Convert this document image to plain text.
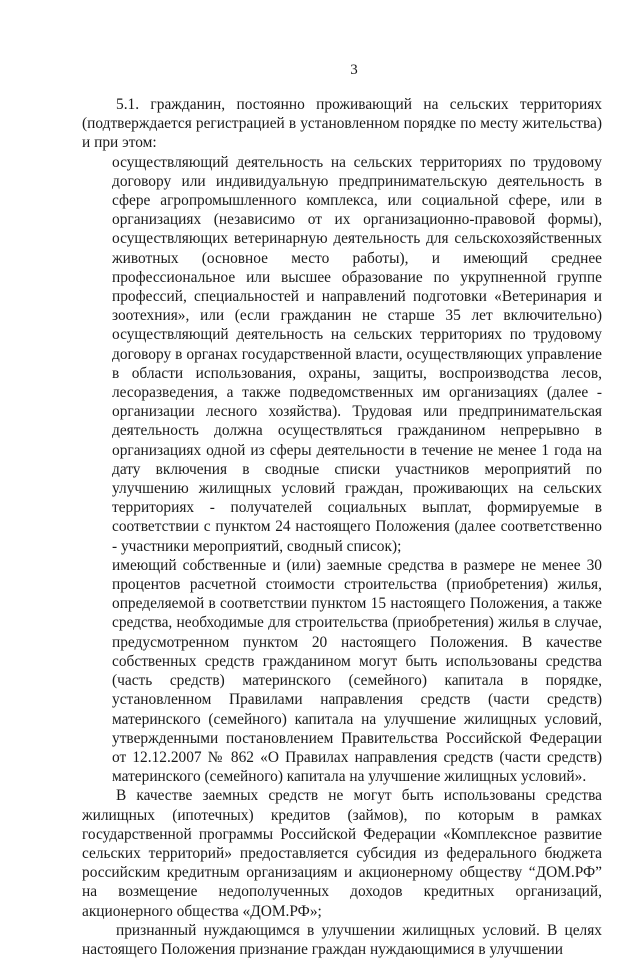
3

5.1. гражданин, постоянно проживающий на сельских территориях (подтверждается регистрацией в установленном порядке по месту жительства) и при этом:

осуществляющий деятельность на сельских территориях по трудовому договору или индивидуальную предпринимательскую деятельность в сфере агропромышленного комплекса, или социальной сфере, или в организациях (независимо от их организационно-правовой формы), осуществляющих ветеринарную деятельность для сельскохозяйственных животных (основное место работы), и имеющий среднее профессиональное или высшее образование по укрупненной группе профессий, специальностей и направлений подготовки «Ветеринария и зоотехния», или (если гражданин не старше 35 лет включительно) осуществляющий деятельность на сельских территориях по трудовому договору в органах государственной власти, осуществляющих управление в области использования, охраны, защиты, воспроизводства лесов, лесоразведения, а также подведомственных им организациях (далее - организации лесного хозяйства). Трудовая или предпринимательская деятельность должна осуществляться гражданином непрерывно в организациях одной из сферы деятельности в течение не менее 1 года на дату включения в сводные списки участников мероприятий по улучшению жилищных условий граждан, проживающих на сельских территориях - получателей социальных выплат, формируемые в соответствии с пунктом 24 настоящего Положения (далее соответственно - участники мероприятий, сводный список);

имеющий собственные и (или) заемные средства в размере не менее 30 процентов расчетной стоимости строительства (приобретения) жилья, определяемой в соответствии пунктом 15 настоящего Положения, а также средства, необходимые для строительства (приобретения) жилья в случае, предусмотренном пунктом 20 настоящего Положения. В качестве собственных средств гражданином могут быть использованы средства (часть средств) материнского (семейного) капитала в порядке, установленном Правилами направления средств (части средств) материнского (семейного) капитала на улучшение жилищных условий, утвержденными постановлением Правительства Российской Федерации от 12.12.2007 № 862 «О Правилах направления средств (части средств) материнского (семейного) капитала на улучшение жилищных условий».

В качестве заемных средств не могут быть использованы средства жилищных (ипотечных) кредитов (займов), по которым в рамках государственной программы Российской Федерации «Комплексное развитие сельских территорий» предоставляется субсидия из федерального бюджета российским кредитным организациям и акционерному обществу “ДОМ.РФ” на возмещение недополученных доходов кредитных организаций, акционерного общества «ДОМ.РФ»;

признанный нуждающимся в улучшении жилищных условий. В целях настоящего Положения признание граждан нуждающимися в улучшении
